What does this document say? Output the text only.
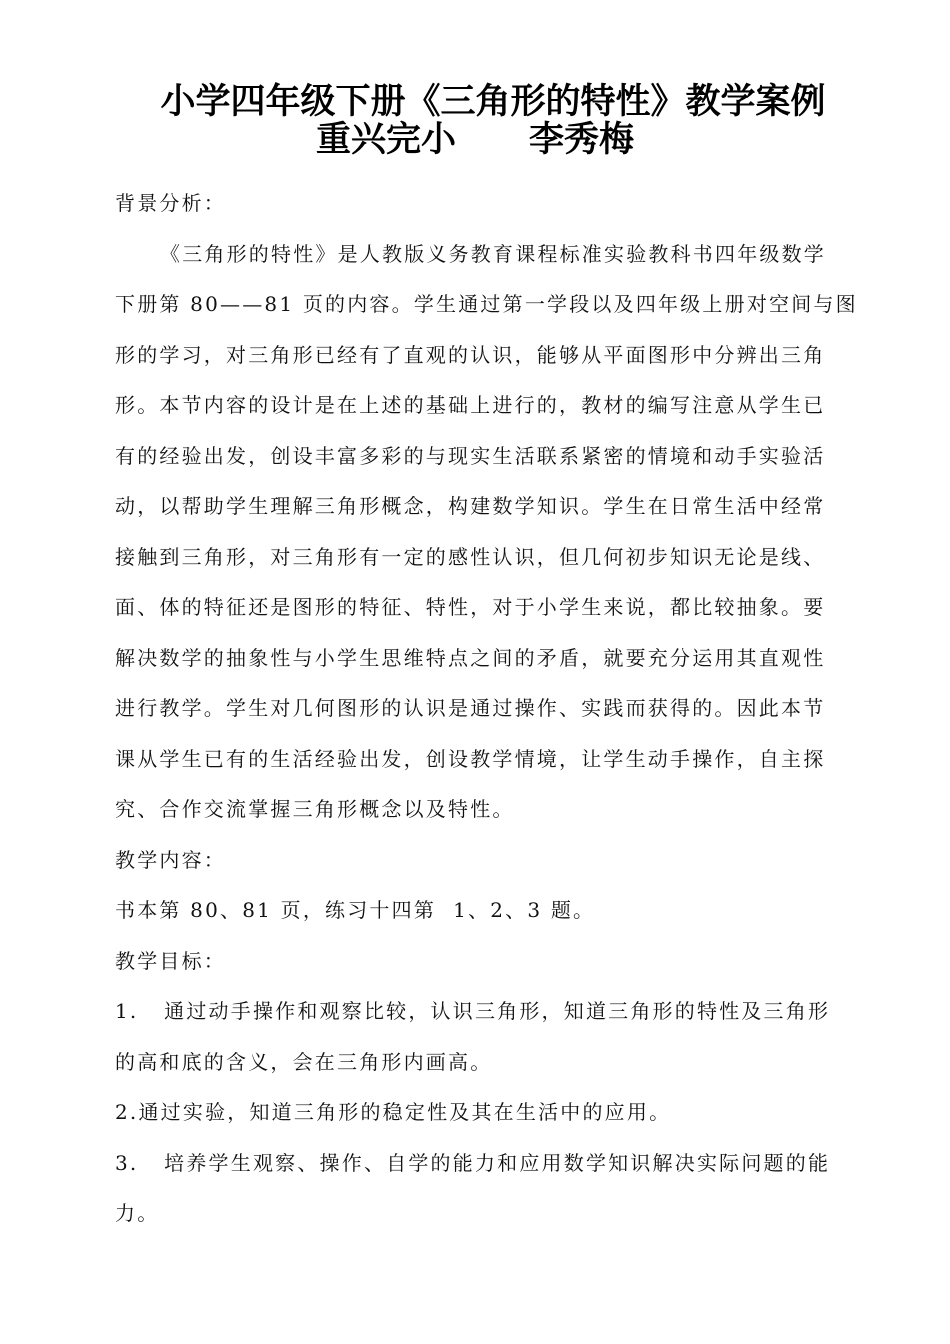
小学四年级下册《三角形的特性》教学案例
重兴完小      李秀梅
背景分析：
《三角形的特性》是人教版义务教育课程标准实验教科书四年级数学
下册第 80——81 页的内容。学生通过第一学段以及四年级上册对空间与图
形的学习，对三角形已经有了直观的认识，能够从平面图形中分辨出三角
形。本节内容的设计是在上述的基础上进行的，教材的编写注意从学生已
有的经验出发，创设丰富多彩的与现实生活联系紧密的情境和动手实验活
动，以帮助学生理解三角形概念，构建数学知识。学生在日常生活中经常
接触到三角形，对三角形有一定的感性认识，但几何初步知识无论是线、
面、体的特征还是图形的特征、特性，对于小学生来说，都比较抽象。要
解决数学的抽象性与小学生思维特点之间的矛盾，就要充分运用其直观性
进行教学。学生对几何图形的认识是通过操作、实践而获得的。因此本节
课从学生已有的生活经验出发，创设教学情境，让学生动手操作，自主探
究、合作交流掌握三角形概念以及特性。
教学内容：
书本第 80、81 页，练习十四第  1、2、3 题。
教学目标：
1.   通过动手操作和观察比较，认识三角形，知道三角形的特性及三角形
的高和底的含义，会在三角形内画高。
2.通过实验，知道三角形的稳定性及其在生活中的应用。
3.   培养学生观察、操作、自学的能力和应用数学知识解决实际问题的能
力。
